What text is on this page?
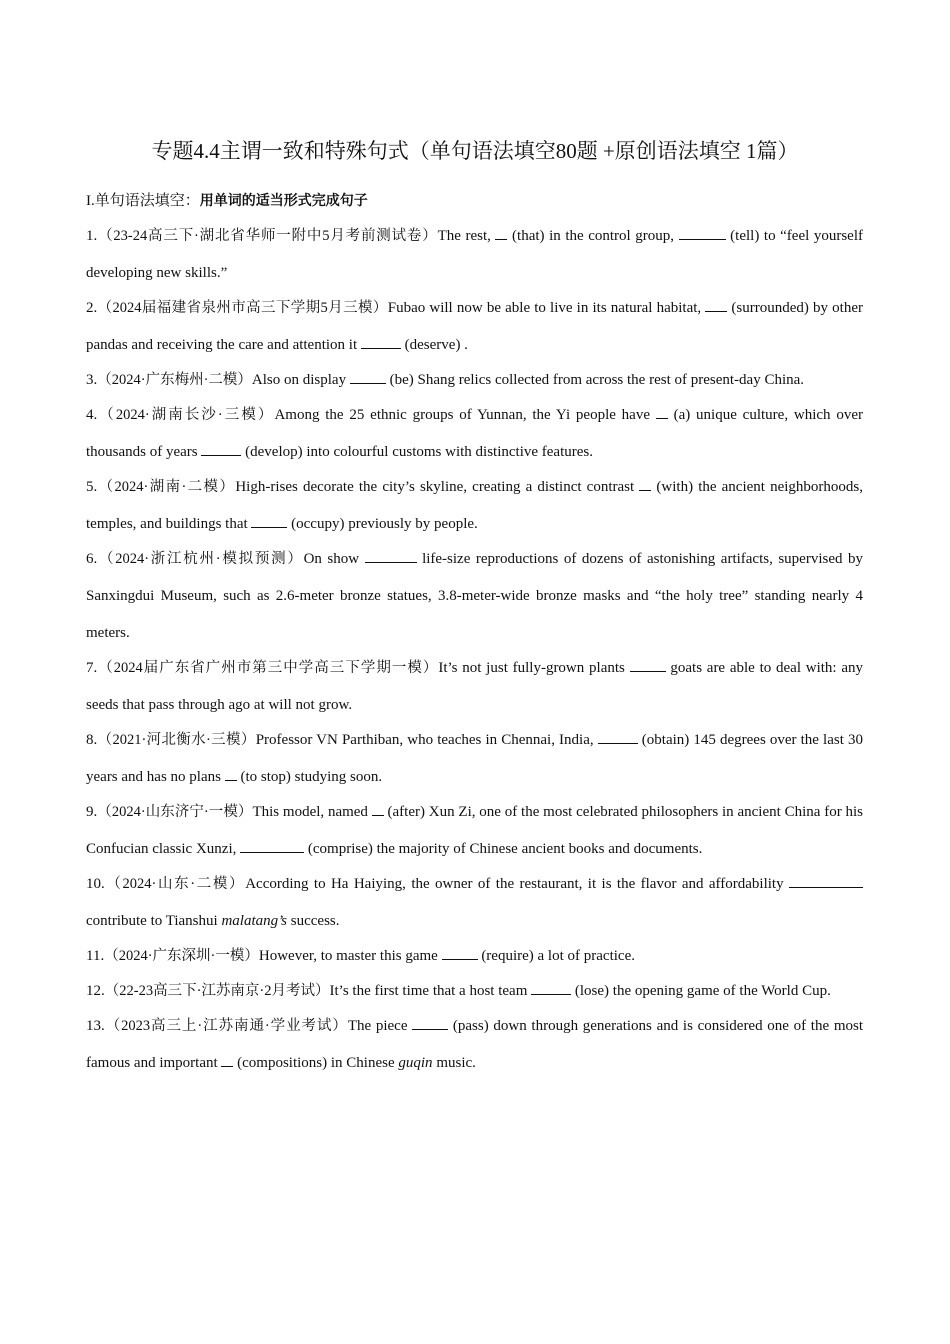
专题4.4主谓一致和特殊句式（单句语法填空80题 +原创语法填空 1篇）
I.单句语法填空：用单词的适当形式完成句子

1.（23-24高三下·湖北省华师一附中5月考前测试卷）The rest,  (that) in the control group,	(tell) to “feel yourself developing new skills.”

2.（2024届福建省泉州市高三下学期5月三模）Fubao will now be able to live in its natural habitat,  (surrounded) by other pandas and receiving the care and attention it	(deserve) .

3.（2024·广东梅州·二模）Also on display  (be) Shang relics collected from across the rest of present-day China.

4.（2024·湖南长沙·三模）Among the 25 ethnic groups of Yunnan, the Yi people have  (a) unique culture, which over thousands of years	(develop) into colourful customs with distinctive features.

5.（2024·湖南·二模）High-rises decorate the city’s skyline, creating a distinct contrast  (with) the ancient neighborhoods, temples, and buildings that  (occupy) previously by people.

6.（2024·浙江杭州·模拟预测）On show	life-size reproductions of dozens of astonishing artifacts, supervised by Sanxingdui Museum, such as 2.6-meter bronze statues, 3.8-meter-wide bronze masks and “the holy tree” standing nearly 4 meters.

7.（2024届广东省广州市第三中学高三下学期一模）It’s not just fully-grown plants  goats are able to deal with: any seeds that pass through ago at will not grow.

8.（2021·河北衡水·三模）Professor VN Parthiban, who teaches in Chennai, India,	(obtain) 145 degrees over the last 30 years and has no plans  (to stop) studying soon.

9.（2024·山东济宁·一模）This model, named  (after) Xun Zi, one of the most celebrated philosophers in ancient China for his Confucian classic Xunzi,	(comprise) the majority of Chinese ancient books and documents.

10.（2024·山东·二模）According to Ha Haiying, the owner of the restaurant, it is the flavor and affordability  contribute to Tianshui malatang’s success.

11.（2024·广东深圳·一模）However, to master this game  (require) a lot of practice.

12.（22-23高三下·江苏南京·2月考试）It’s the first time that a host team	(lose) the opening game of the World Cup.

13.（2023高三上·江苏南通·学业考试）The piece  (pass) down through generations and is considered one of the most famous and important  (compositions) in Chinese guqin music.
